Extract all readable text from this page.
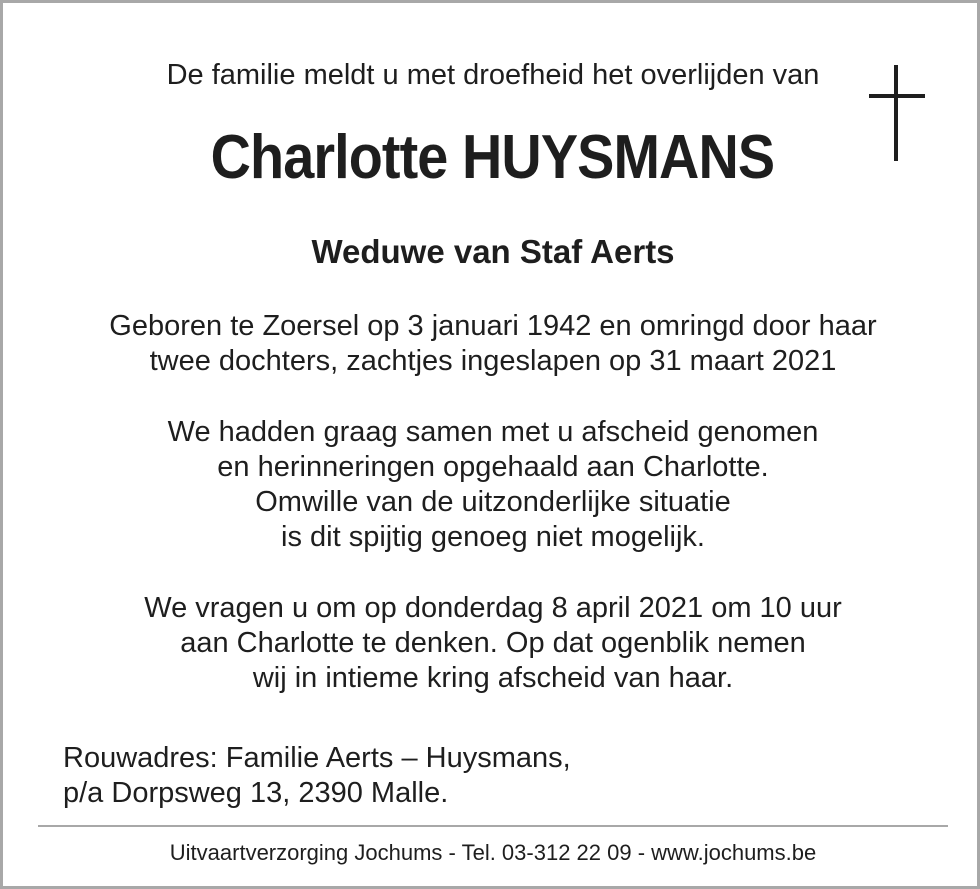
De familie meldt u met droefheid het overlijden van
Charlotte HUYSMANS
Weduwe van Staf Aerts
Geboren te Zoersel op 3 januari 1942 en omringd door haar
twee dochters, zachtjes ingeslapen op 31 maart 2021
We hadden graag samen met u afscheid genomen
en herinneringen opgehaald aan Charlotte.
Omwille van de uitzonderlijke situatie
is dit spijtig genoeg niet mogelijk.
We vragen u om op donderdag 8 april 2021 om 10 uur
aan Charlotte te denken. Op dat ogenblik nemen
wij in intieme kring afscheid van haar.
Rouwadres: Familie Aerts – Huysmans,
p/a Dorpsweg 13, 2390 Malle.
Uitvaartverzorging Jochums - Tel. 03-312 22 09 - www.jochums.be
